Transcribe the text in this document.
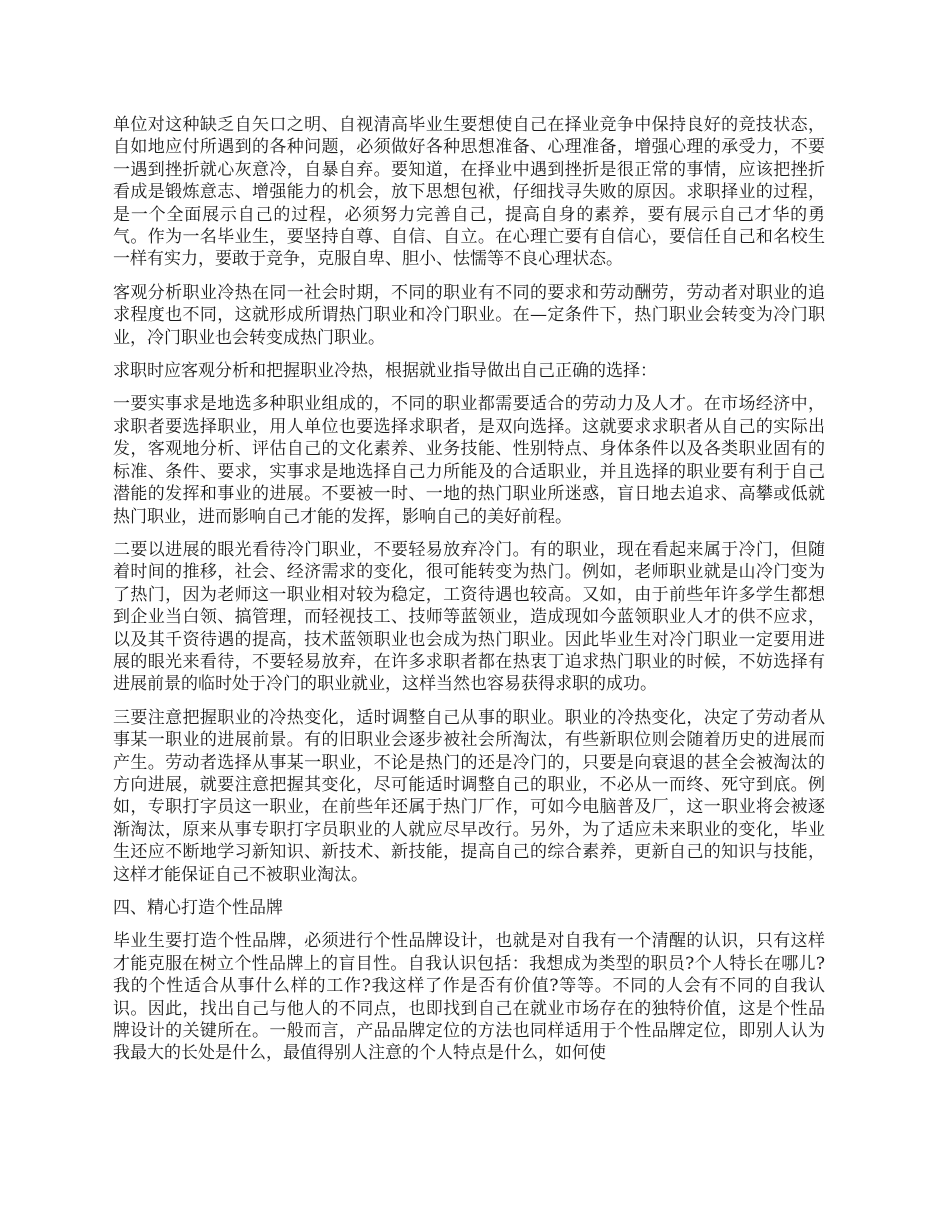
单位对这种缺乏自矢口之明、自视清高毕业生要想使自己在择业竞争中保持良好的竞技状态，自如地应付所遇到的各种问题，必须做好各种思想准备、心理准备，增强心理的承受力，不要一遇到挫折就心灰意冷，自暴自弃。要知道，在择业中遇到挫折是很正常的事情，应该把挫折看成是锻炼意志、增强能力的机会，放下思想包袱，仔细找寻失败的原因。求职择业的过程，是一个全面展示自己的过程，必须努力完善自己，提高自身的素养，要有展示自己才华的勇气。作为一名毕业生，要坚持自尊、自信、自立。在心理亡要有自信心，要信任自己和名校生一样有实力，要敢于竞争，克服自卑、胆小、怯懦等不良心理状态。

客观分析职业冷热在同一社会时期，不同的职业有不同的要求和劳动酬劳，劳动者对职业的追求程度也不同，这就形成所谓热门职业和冷门职业。在—定条件下，热门职业会转变为冷门职业，冷门职业也会转变成热门职业。

求职时应客观分析和把握职业冷热，根据就业指导做出自己正确的选择：

一要实事求是地选多种职业组成的，不同的职业都需要适合的劳动力及人才。在市场经济中，求职者要选择职业，用人单位也要选择求职者，是双向选择。这就要求求职者从自己的实际出发，客观地分析、评估自己的文化素养、业务技能、性别特点、身体条件以及各类职业固有的标准、条件、要求，实事求是地选择自己力所能及的合适职业，并且选择的职业要有利于自己潜能的发挥和事业的进展。不要被一时、一地的热门职业所迷惑，盲日地去追求、高攀或低就热门职业，进而影响自己才能的发挥，影响自己的美好前程。

二要以进展的眼光看待冷门职业，不要轻易放弃冷门。有的职业，现在看起来属于冷门，但随着时间的推移，社会、经济需求的变化，很可能转变为热门。例如，老师职业就是山冷门变为了热门，因为老师这一职业相对较为稳定，工资待遇也较高。又如，由于前些年许多学生都想到企业当白领、搞管理，而轻视技工、技师等蓝领业，造成现如今蓝领职业人才的供不应求，以及其千资待遇的提高，技术蓝领职业也会成为热门职业。因此毕业生对冷门职业一定要用进展的眼光来看待，不要轻易放弃，在许多求职者都在热衷丁追求热门职业的时候，不妨选择有进展前景的临时处于冷门的职业就业，这样当然也容易获得求职的成功。

三要注意把握职业的冷热变化，适时调整自己从事的职业。职业的冷热变化，决定了劳动者从事某一职业的进展前景。有的旧职业会逐步被社会所淘汰，有些新职位则会随着历史的进展而产生。劳动者选择从事某一职业，不论是热门的还是冷门的，只要是向衰退的甚全会被淘汰的方向进展，就要注意把握其变化，尽可能适时调整自己的职业，不必从一而终、死守到底。例如，专职打字员这一职业，在前些年还属于热门厂作，可如今电脑普及厂，这一职业将会被逐渐淘汰，原来从事专职打字员职业的人就应尽早改行。另外，为了适应未来职业的变化，毕业生还应不断地学习新知识、新技术、新技能，提高自己的综合素养，更新自己的知识与技能，这样才能保证自己不被职业淘汰。

四、精心打造个性品牌

毕业生要打造个性品牌，必须进行个性品牌设计，也就是对自我有一个清醒的认识，只有这样才能克服在树立个性品牌上的盲目性。自我认识包括：我想成为类型的职员?个人特长在哪儿?我的个性适合从事什么样的工作?我这样了作是否有价值?等等。不同的人会有不同的自我认识。因此，找出自己与他人的不同点，也即找到自己在就业市场存在的独特价值，这是个性品牌设计的关键所在。一般而言，产品品牌定位的方法也同样适用于个性品牌定位，即别人认为我最大的长处是什么，最值得别人注意的个人特点是什么，如何使
